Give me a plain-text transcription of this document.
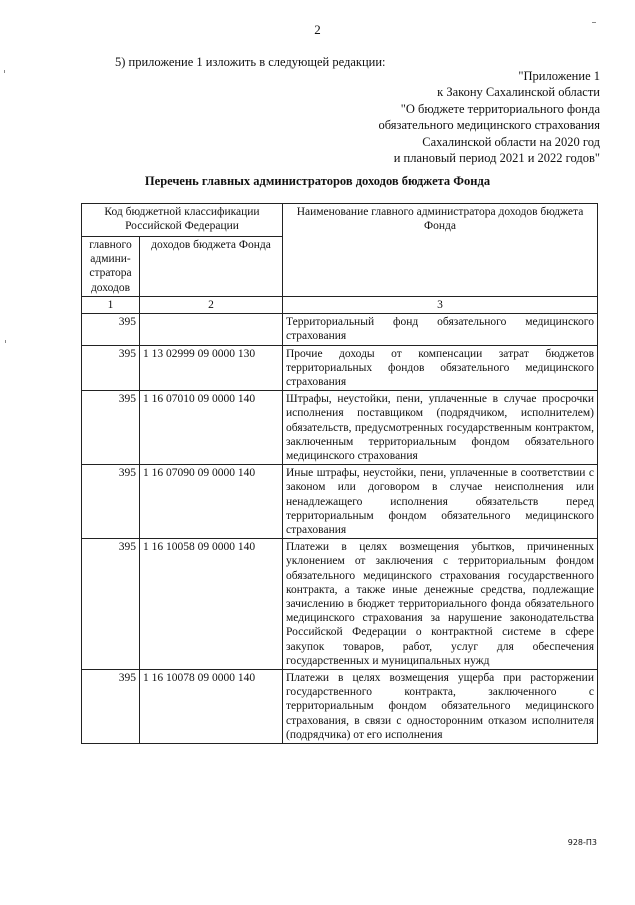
2
5) приложение 1 изложить в следующей редакции:
"Приложение 1
к Закону Сахалинской области
"О бюджете территориального фонда
обязательного медицинского страхования
Сахалинской области на 2020 год
и плановый период 2021 и 2022 годов"
Перечень главных администраторов доходов бюджета Фонда
Код бюджетной классификации Российской Федерации		Наименование главного администратора доходов бюджета Фонда
главного админи-стратора доходов	доходов бюджета Фонда	
1	2	3
395		Территориальный фонд обязательного медицинского страхования
395	1 13 02999 09 0000 130	Прочие доходы от компенсации затрат бюджетов территориальных фондов обязательного медицинского страхования
395	1 16 07010 09 0000 140	Штрафы, неустойки, пени, уплаченные в случае просрочки исполнения поставщиком (подрядчиком, исполнителем) обязательств, предусмотренных государственным контрактом, заключенным территориальным фондом обязательного медицинского страхования
395	1 16 07090 09 0000 140	Иные штрафы, неустойки, пени, уплаченные в соответствии с законом или договором в случае неисполнения или ненадлежащего исполнения обязательств перед территориальным фондом обязательного медицинского страхования
395	1 16 10058 09 0000 140	Платежи в целях возмещения убытков, причиненных уклонением от заключения с территориальным фондом обязательного медицинского страхования государственного контракта, а также иные денежные средства, подлежащие зачислению в бюджет территориального фонда обязательного медицинского страхования за нарушение законодательства Российской Федерации о контрактной системе в сфере закупок товаров, работ, услуг для обеспечения государственных и муниципальных нужд
395	1 16 10078 09 0000 140	Платежи в целях возмещения ущерба при расторжении государственного контракта, заключенного с территориальным фондом обязательного медицинского страхования, в связи с односторонним отказом исполнителя (подрядчика) от его исполнения
928-П3
